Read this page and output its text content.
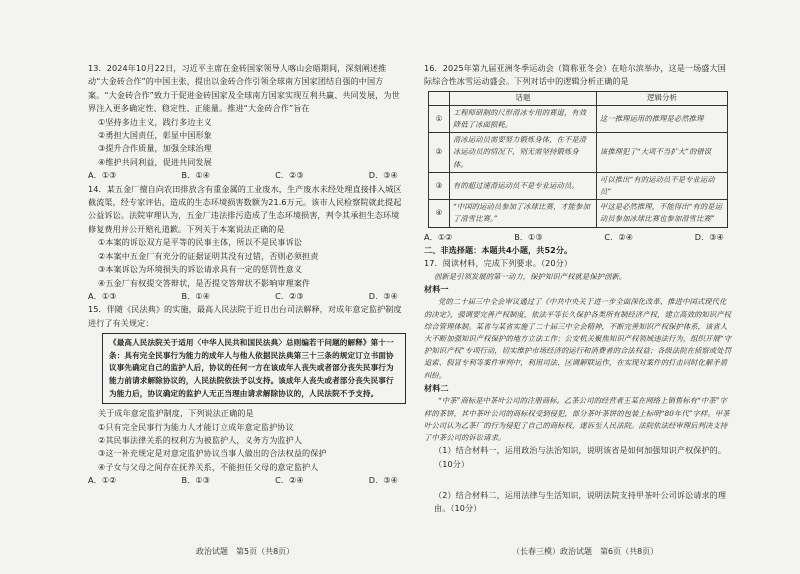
13．2024年10月22日，习近平主席在金砖国家领导人喀山会晤期间，深刻阐述推动“大金砖合作”的中国主张，提出以金砖合作引领全球南方国家团结自强的中国方案。“大金砖合作”致力于促进金砖国家及全球南方国家实现互利共赢、共同发展，为世界注入更多确定性、稳定性、正能量。推进“大金砖合作”旨在

①坚持多边主义，践行多边主义

②勇担大国责任，彰显中国形象

③提升合作质量，加强全球治理

④维护共同利益，促进共同发展

A．①③	B．①④	C．②③	D．③④

14．某五金厂擅自向农田排放含有重金属的工业废水，生产废水未经处理直接排入城区截流渠，经专家评估，造成的生态环境损害数额为21.6万元。该市人民检察院就此提起公益诉讼。法院审理认为，五金厂违法排污造成了生态环境损害，判令其承担生态环境修复费用并公开赔礼道歉。下列关于本案说法正确的是

①本案的诉讼双方是平等的民事主体，所以不是民事诉讼

②本案中五金厂有充分的证据证明其没有过错，否则必须担责

③本案诉讼为环境损失的诉讼请求具有一定的惩罚性意义

④五金厂有权提交答辩状，是否提交答辩状不影响审理案件

A．①③	B．①④	C．②③	D．③④

15．伴随《民法典》的实施，最高人民法院于近日出台司法解释，对成年意定监护制度进行了有关规定：

《最高人民法院关于适用〈中华人民共和国民法典〉总则编若干问题的解释》第十一条：具有完全民事行为能力的成年人与他人依据民法典第三十三条的规定订立书面协议事先确定自己的监护人后，协议的任何一方在该成年人丧失或者部分丧失民事行为能力前请求解除协议的，人民法院依法予以支持。该成年人丧失或者部分丧失民事行为能力后，协议确定的监护人无正当理由请求解除协议的，人民法院不予支持。

关于成年意定监护制度，下列说法正确的是

①只有完全民事行为能力人才能订立成年意定监护协议

②其民事法律关系的权利方为被监护人，义务方为监护人

③这一补充规定是对意定监护协议当事人做出的合法权益的保护

④子女与父母之间存在抚养关系，不能担任父母的意定监护人

A．①②	B．①③	C．②④	D．③④

16．2025年第九届亚洲冬季运动会（简称亚冬会）在哈尔滨举办，这是一场盛大国际综合性冰雪运动盛会。下列对话中的逻辑分析正确的是

	话题	逻辑分析
①	工程师研制的尺形滑冰专用的赛道，有效降低了冰面损耗。	这一推理运用的推理是必然推理
②	滑冰运动员需要努力锻炼身体，在不是滑冰运动员的情况下，则无需坚持锻炼身体。	该推理犯了“大项不当扩大”的错误
③	有的超过速滑运动员不是专业运动员。	可以推出“有的运动员不是专业运动员”
④	“中国的运动员参加了冰球比赛，才能参加了滑雪比赛。”	甲这是必然推理，不能得出“有的是运动员参加冰球比赛也参加滑雪比赛”
A．①②	B．①③	C．②④	D．③④

二、非选择题：本题共4小题，共52分。

17．阅读材料，完成下列要求。（20分）

创新是引领发展的第一动力，保护知识产权就是保护创新。

材料一

党的二十届三中全会审议通过了《中共中央关于进一步全面深化改革、推进中国式现代化的决定》，强调要完善产权制度，依法平等长久保护各类所有制经济产权，建立高效的知识产权综合管理体制。某省与某省实施了二十届三中全会精神，不断完善知识产权保护体系，该省人大不断加强知识产权保护的地方立法工作；公安机关聚焦知识产权领域违法行为，组织开展“守护知识产权”专项行动，切实维护市场经济的运行和消费者的合法权益；各级法院在侦察或处罚追索、假冒专利等案件审判中，利用司法、区调解联运作，在实现对案件的打击同时化解矛盾纠纷。

材料二

“中茶”商标是中茶叶公司的注册商标。乙茶公司的经营者王某在网络上销售标有“中茶”字样的茶饼，其中茶叶公司的商标权受到侵犯，部分茶叶茶饼的包装上标明“80年代”字样。甲茶叶公司认为乙茶厂的行为侵犯了自己的商标权，遂诉至人民法院。法院依法经审理后判决支持了中茶公司的诉讼请求。

（1）结合材料一，运用政治与法治知识，说明该省是如何加强知识产权保护的。（10分）

（2）结合材料二，运用法律与生活知识，说明法院支持甲茶叶公司诉讼请求的理由。（10分）

政治试题　第5页（共8页）	（长春三模）政治试题　第6页（共8页）
